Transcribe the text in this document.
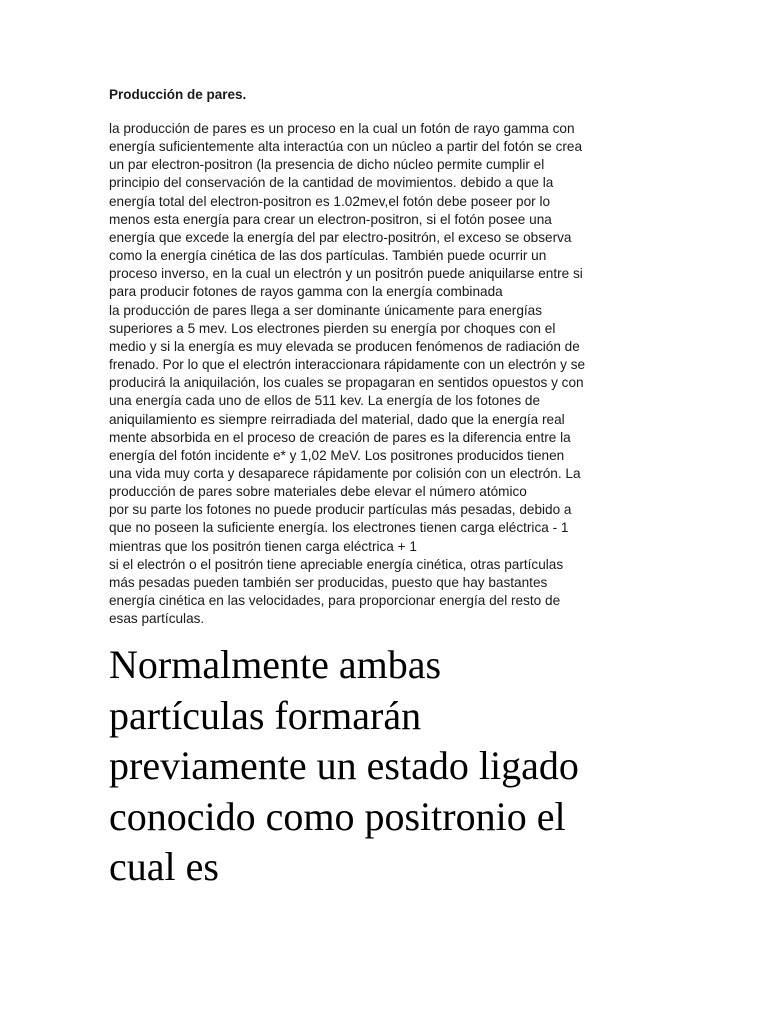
Producción de pares.
la producción de pares es un proceso en la cual un fotón de rayo gamma con
energía suficientemente alta interactúa con un núcleo a partir del fotón se crea
un par electron-positron (la presencia de dicho núcleo permite cumplir el
principio del conservación de la cantidad de movimientos. debido a que la
energía total del electron-positron es 1.02mev,el fotón debe poseer por lo
menos esta energía para crear un electron-positron, si el fotón posee una
energía que excede la energía del par electro-positrón, el exceso se observa
como la energía cinética de las dos partículas. También puede ocurrir un
proceso inverso, en la cual un electrón y un positrón puede aniquilarse entre si
para producir fotones de rayos gamma con la energía combinada
la producción de pares llega a ser dominante únicamente para energías
superiores a 5 mev. Los electrones pierden su energía por choques con el
medio y si la energía es muy elevada se producen fenómenos de radiación de
frenado. Por lo que el electrón interaccionara rápidamente con un electrón y se
producirá la aniquilación, los cuales se propagaran en sentidos opuestos y con
una energía cada uno de ellos de 511 kev. La energía de los fotones de
aniquilamiento es siempre reirradiada del material, dado que la energía real
mente absorbida en el proceso de creación de pares es la diferencia entre la
energía del fotón incidente e* y 1,02 MeV. Los positrones producidos tienen
una vida muy corta y desaparece rápidamente por colisión con un electrón. La
producción de pares sobre materiales debe elevar el número atómico
por su parte los fotones no puede producir partículas más pesadas, debido a
que no poseen la suficiente energía. los electrones tienen carga eléctrica - 1
mientras que los positrón tienen carga eléctrica + 1
si el electrón o el positrón tiene apreciable energía cinética, otras partículas
más pesadas pueden también ser producidas, puesto que hay bastantes
energía cinética en las velocidades, para proporcionar energía del resto de
esas partículas.
Normalmente ambas
partículas formarán
previamente un estado ligado
conocido como positronio el
cual es
